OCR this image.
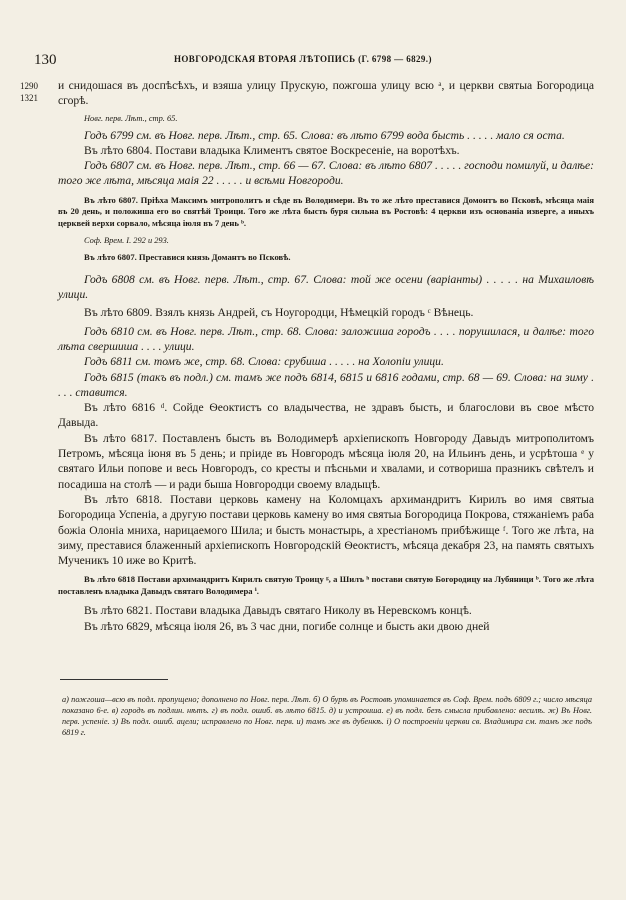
130	НОВГОРОДСКАЯ ВТОРАЯ ЛѢТОПИСЬ (Г. 6798 — 6829.)
1290
1321

и снидошася въ доспѣсѣхъ, и взяша улицу Прускую, пожгоша улицу всю ᵃ, и церкви святыа Богородица сгорѣ.

Новг. перв. Лѣт., стр. 65.

Годъ 6799 см. въ Новг. перв. Лѣт., стр. 65. Слова: въ лѣто 6799 вода бысть . . . . . мало ся оста.

Въ лѣто 6804. Постави владыка Климентъ святое Воскресеніе, на воротѣхъ.

Годъ 6807 см. въ Новг. перв. Лѣт., стр. 66 — 67. Слова: въ лѣто 6807 . . . . . господи помилуй, и далѣе: того же лѣта, мѣсяца маія 22 . . . . . и всѣми Новгороди.

Въ лѣто 6807. Пріѣха Максимъ митрополитъ и сѣде въ Володимери. Въ то же лѣто преставися Домонтъ во Псковѣ, мѣсяца маія въ 20 день, и положиша его во святѣй Троици. Того же лѣта бысть буря сильна въ Ростовѣ: 4 церкви изъ основаніа изверге, а иныхъ церквей верхи сорвало, мѣсяца іюля въ 7 день ᵇ.

Соф. Врем. I. 292 и 293.

Въ лѣто 6807. Преставися князь Домантъ во Псковѣ.

Годъ 6808 см. въ Новг. перв. Лѣт., стр. 67. Слова: той же осени (варіанты) . . . . . на Михаиловѣ улици.

Въ лѣто 6809. Взялъ князь Андрей, съ Ноугородци, Нѣмецкій городъ ᶜ Вѣнець.

Годъ 6810 см. въ Новг. перв. Лѣт., стр. 68. Слова: заложиша городъ . . . . порушилася, и далѣе: того лѣта свершиша . . . . улици.

Годъ 6811 см. томъ же, стр. 68. Слова: срубиша . . . . . на Холопіи улици.

Годъ 6815 (такъ въ подл.) см. тамъ же подъ 6814, 6815 и 6816 годами, стр. 68 — 69. Слова: на зиму . . . . ставится.

Въ лѣто 6816 ᵈ. Сойде Ѳеоктистъ со владычества, не здравъ бысть, и благослови въ свое мѣсто Давыда.

Въ лѣто 6817. Поставленъ бысть въ Володимерѣ архіепископъ Новгороду Давыдъ митрополитомъ Петромъ, мѣсяца іюня въ 5 день; и прiиде въ Новгородъ мѣсяца іюля 20, на Ильинъ день, и усрѣтоша ᵉ у святаго Ильи попове и весь Новгородъ, со кресты и пѣсньми и хвалами, и сотвориша празникъ свѣтелъ и посадиша на столѣ — и ради быша Новгородци своему владыцѣ.

Въ лѣто 6818. Постави церковь камену на Коломцахъ архимандритъ Кирилъ во имя святыа Богородица Успеніа, а другую постави церковь камену во имя святыа Богородица Покрова, стяжаніемъ раба божіа Олоніа мниха, нарицаемого Шила; и бысть монастырь, а хрестіаномъ прибѣжище ᶠ. Того же лѣта, на зиму, преставися блаженный архіепископъ Новгородскій Ѳеоктистъ, мѣсяца декабря 23, на память святыхъ Мученикъ 10 иже во Критѣ.

Въ лѣто 6818 Постави архимандритъ Кирилъ святую Троицу ᵍ, а Шилъ ʰ постави святую Богородицу на Лубяници ᵇ. Того же лѣта поставленъ владыка Давыдъ святаго Володимера ⁱ.

Въ лѣто 6821. Постави владыка Давыдъ святаго Николу въ Неревскомъ концѣ.

Въ лѣто 6829, мѣсяца іюля 26, въ 3 час дни, погибе солнце и бысть аки двою дней

a) пожгоша—всю въ подл. пропущено; дополнено по Новг. перв. Лѣт. б) О бурѣ въ Ростовѣ упоминается въ Соф. Врем. подъ 6809 г.; число мѣсяца показано 6-е. в) городъ въ подлин. нѣтъ. г) въ подл. ошиб. въ лѣто 6815. д) и устроиша. е) въ подл. безъ смысла прибавлено: весилѣ. ж) Въ Новг. перв. успеніе. з) Въ подл. ошиб. ацели; исправлено по Новг. перв. и) тамъ же въ дубенкѣ. і) О построеніи церкви св. Владимира см. тамъ же подъ 6819 г.
